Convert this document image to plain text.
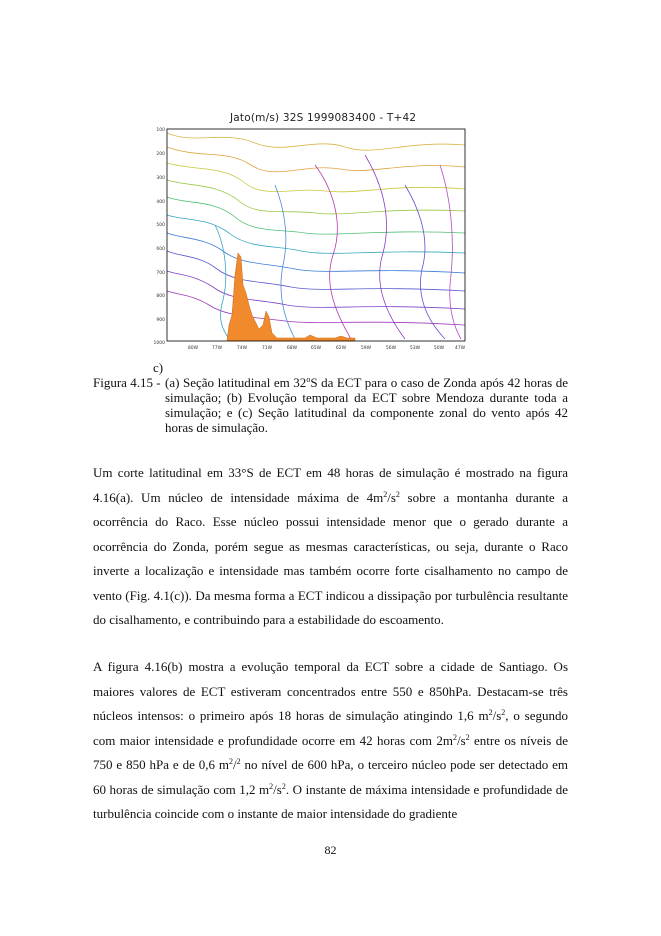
Jato(m/s) 32S 1999083400 - T+42
100
200
300
400
500
600
700
800
900
1000
80W	77W	74W	71W	68W	65W	62W	59W	56W	53W	50W 47W
c)
Figura 4.15 - (a) Seção latitudinal em 32$^o$S da ECT para o caso de Zonda após 42 horas de simulação; (b) Evolução temporal da ECT sobre Mendoza durante toda a simulação; e (c) Seção latitudinal da componente zonal do vento após 42 horas de simulação.
Um corte latitudinal em 33°S de ECT em 48 horas de simulação é mostrado na figura 4.16(a). Um núcleo de intensidade máxima de $4m^2/s^2$ sobre a montanha durante a ocorrência do Raco. Esse núcleo possui intensidade menor que o gerado durante a ocorrência do Zonda, porém segue as mesmas características, ou seja, durante o Raco inverte a localização e intensidade mas também ocorre forte cisalhamento no campo de vento (Fig. 4.1(c)). Da mesma forma a ECT indicou a dissipação por turbulência resultante do cisalhamento, e contribuindo para a estabilidade do escoamento.
A figura 4.16(b) mostra a evolução temporal da ECT sobre a cidade de Santiago. Os maiores valores de ECT estiveram concentrados entre 550 e 850hPa. Destacam-se três núcleos intensos: o primeiro após 18 horas de simulação atingindo 1,6 $m^2/s^2$, o segundo com maior intensidade e profundidade ocorre em 42 horas com $2m^2/s^2$ entre os níveis de 750 e 850 hPa e de 0,6 $m^2/^2$ no nível de 600 hPa, o terceiro núcleo pode ser detectado em 60 horas de simulação com 1,2 $m^2/s^2$. O instante de máxima intensidade e profundidade de turbulência coincide com o instante de maior intensidade do gradiente
82
